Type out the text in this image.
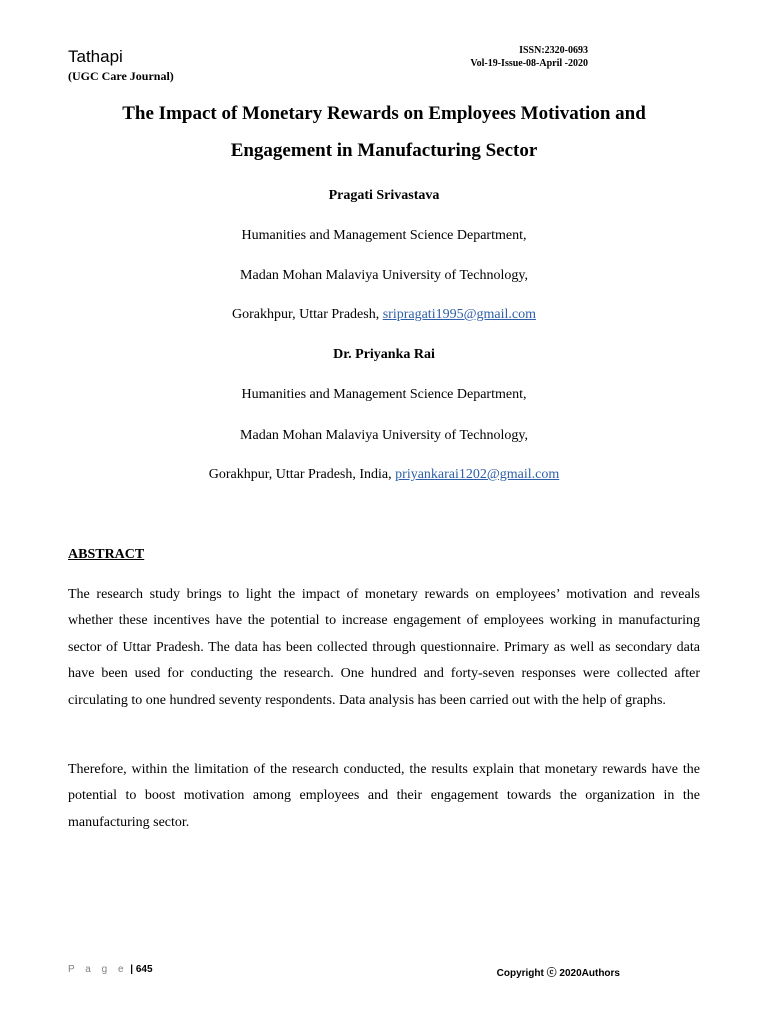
Tathapi
(UGC Care Journal)
ISSN:2320-0693
Vol-19-Issue-08-April -2020
The Impact of Monetary Rewards on Employees Motivation and
Engagement in Manufacturing Sector
Pragati Srivastava
Humanities and Management Science Department,
Madan Mohan Malaviya University of Technology,
Gorakhpur, Uttar Pradesh, sripragati1995@gmail.com
Dr. Priyanka Rai
Humanities and Management Science Department,
Madan Mohan Malaviya University of Technology,
Gorakhpur, Uttar Pradesh, India, priyankarai1202@gmail.com
ABSTRACT

The research study brings to light the impact of monetary rewards on employees’ motivation and reveals whether these incentives have the potential to increase engagement of employees working in manufacturing sector of Uttar Pradesh. The data has been collected through questionnaire. Primary as well as secondary data have been used for conducting the research. One hundred and forty-seven responses were collected after circulating to one hundred seventy respondents. Data analysis has been carried out with the help of graphs.

Therefore, within the limitation of the research conducted, the results explain that monetary rewards have the potential to boost motivation among employees and their engagement towards the organization in the manufacturing sector.

P a g e | 645	Copyright ⓒ 2020Authors
